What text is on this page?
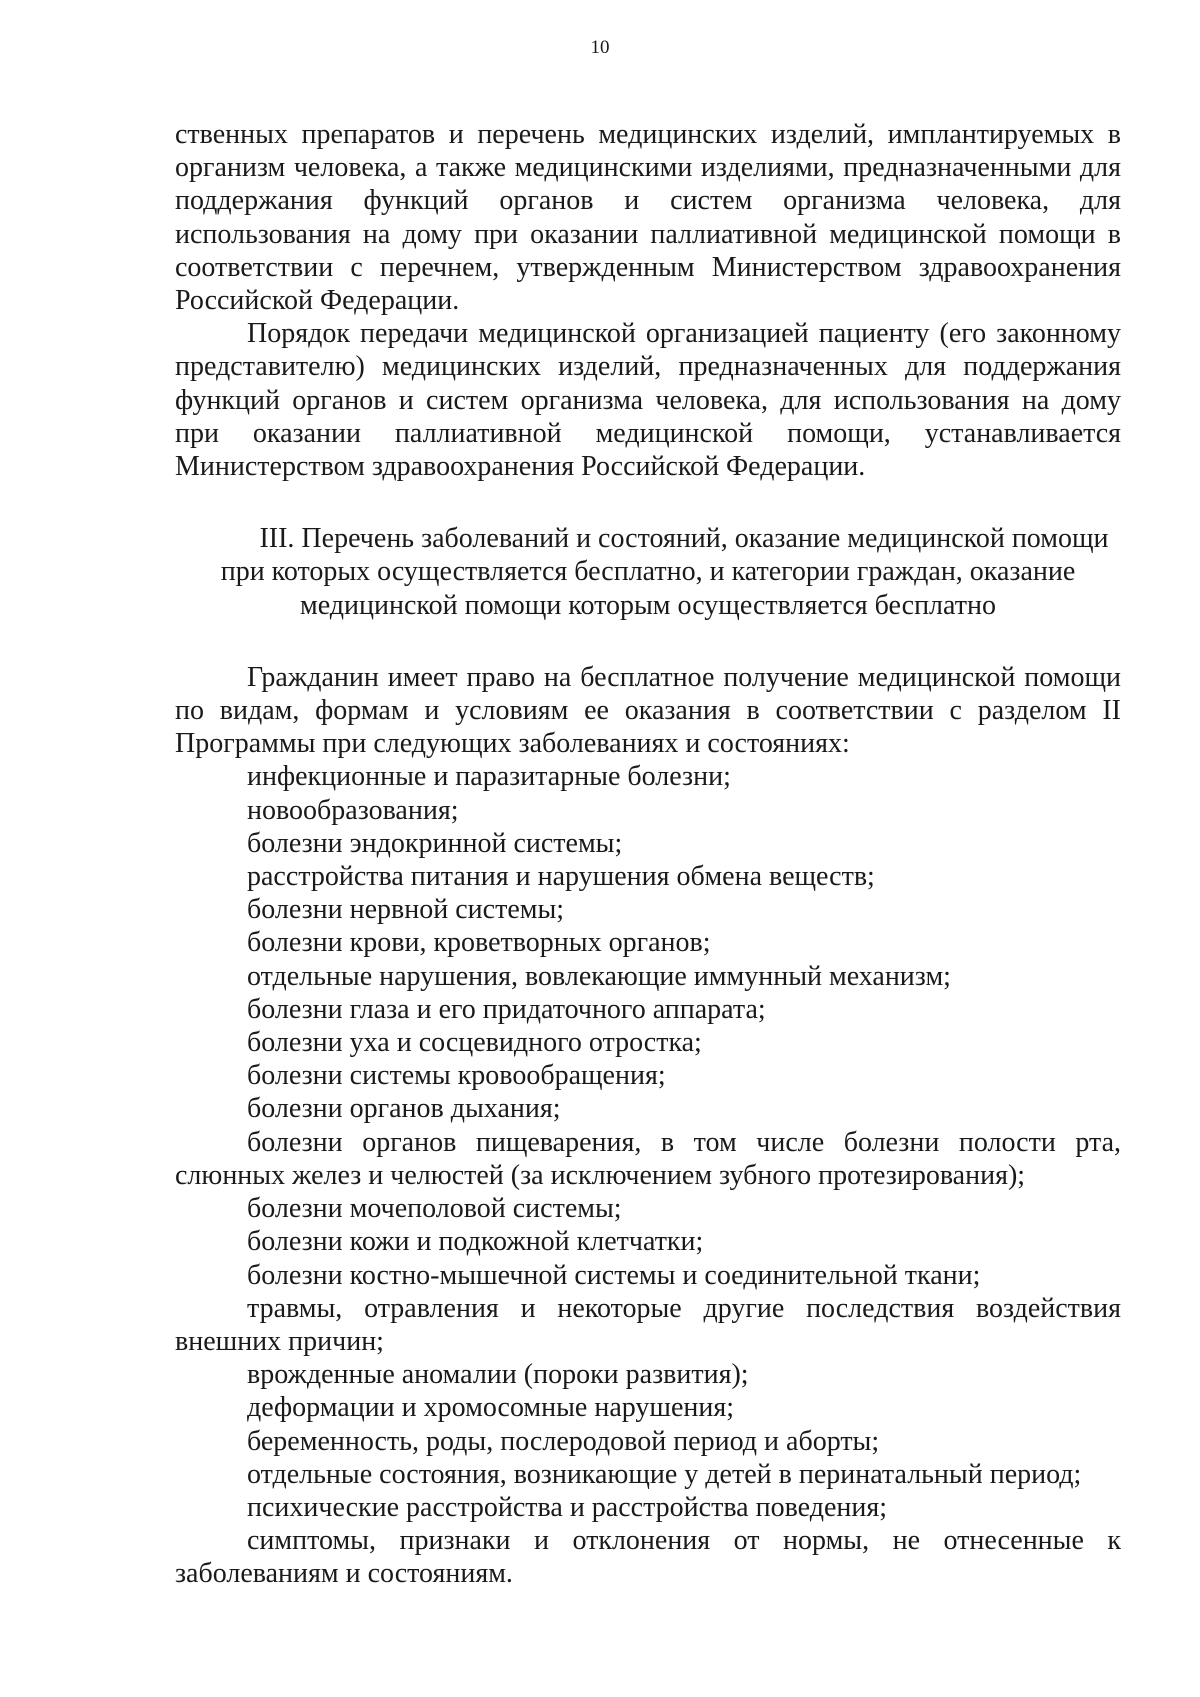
10

ственных препаратов и перечень медицинских изделий, имплантируемых в организм человека, а также медицинскими изделиями, предназначенными для поддержания функций органов и систем организма человека, для использования на дому при оказании паллиативной медицинской помощи в соответствии с перечнем, утвержденным Министерством здравоохранения Российской Федерации.

Порядок передачи медицинской организацией пациенту (его законному представителю) медицинских изделий, предназначенных для поддержания функций органов и систем организма человека, для использования на дому при оказании паллиативной медицинской помощи, устанавливается Министерством здравоохранения Российской Федерации.

III. Перечень заболеваний и состояний, оказание медицинской помощи при которых осуществляется бесплатно, и категории граждан, оказание медицинской помощи которым осуществляется бесплатно

Гражданин имеет право на бесплатное получение медицинской помощи по видам, формам и условиям ее оказания в соответствии с разделом II Программы при следующих заболеваниях и состояниях:

инфекционные и паразитарные болезни;
новообразования;
болезни эндокринной системы;
расстройства питания и нарушения обмена веществ;
болезни нервной системы;
болезни крови, кроветворных органов;
отдельные нарушения, вовлекающие иммунный механизм;
болезни глаза и его придаточного аппарата;
болезни уха и сосцевидного отростка;
болезни системы кровообращения;
болезни органов дыхания;
болезни органов пищеварения, в том числе болезни полости рта, слюнных желез и челюстей (за исключением зубного протезирования);
болезни мочеполовой системы;
болезни кожи и подкожной клетчатки;
болезни костно-мышечной системы и соединительной ткани;
травмы, отравления и некоторые другие последствия воздействия внешних причин;
врожденные аномалии (пороки развития);
деформации и хромосомные нарушения;
беременность, роды, послеродовой период и аборты;
отдельные состояния, возникающие у детей в перинатальный период;
психические расстройства и расстройства поведения;
симптомы, признаки и отклонения от нормы, не отнесенные к заболеваниям и состояниям.
